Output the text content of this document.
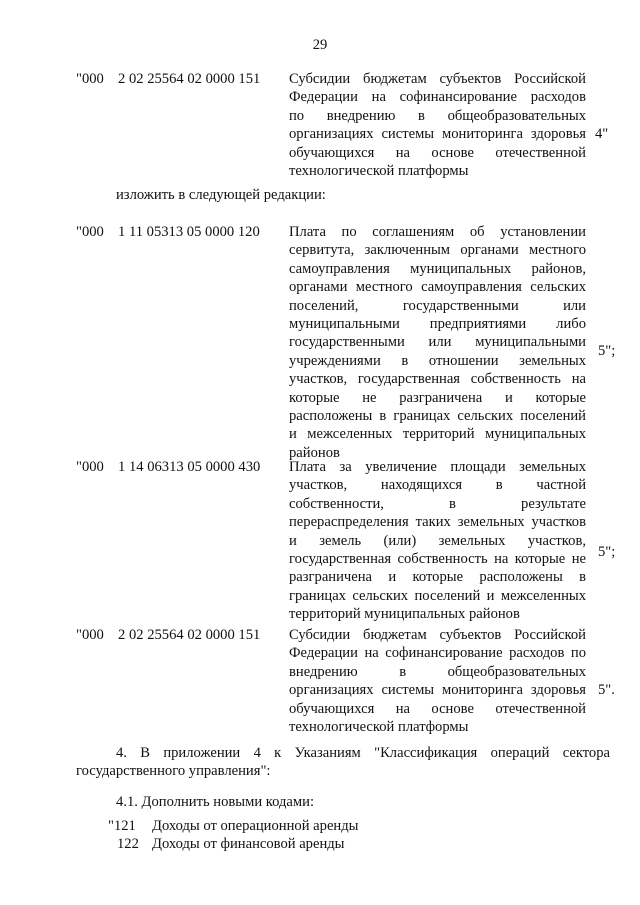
29
"000 2 02 25564 02 0000 151 Субсидии бюджетам субъектов Российской
Федерации на софинансирование расходов
по внедрению в общеобразовательных
организациях системы мониторинга здоровья
обучающихся на основе отечественной
технологической платформы
4"
изложить в следующей редакции:
"000 1 11 05313 05 0000 120 Плата по соглашениям об установлении
сервитута, заключенным органами местного
самоуправления муниципальных районов,
органами местного самоуправления сельских
поселений, государственными или
муниципальными предприятиями либо
государственными или муниципальными
учреждениями в отношении земельных
участков, государственная собственность на
которые не разграничена и которые
расположены в границах сельских поселений
и межселенных территорий муниципальных
районов
5";
"000 1 14 06313 05 0000 430 Плата за увеличение площади земельных
участков, находящихся в частной
собственности, в результате
перераспределения таких земельных участков
и земель (или) земельных участков,
государственная собственность на которые не
разграничена и которые расположены в
границах сельских поселений и межселенных
территорий муниципальных районов
5";
"000 2 02 25564 02 0000 151 Субсидии бюджетам субъектов Российской
Федерации на софинансирование расходов по
внедрению в общеобразовательных
организациях системы мониторинга здоровья
обучающихся на основе отечественной
технологической платформы
5".
4. В приложении 4 к Указаниям "Классификация операций сектора
государственного управления":
4.1. Дополнить новыми кодами:
"121 Доходы от операционной аренды
122 Доходы от финансовой аренды
